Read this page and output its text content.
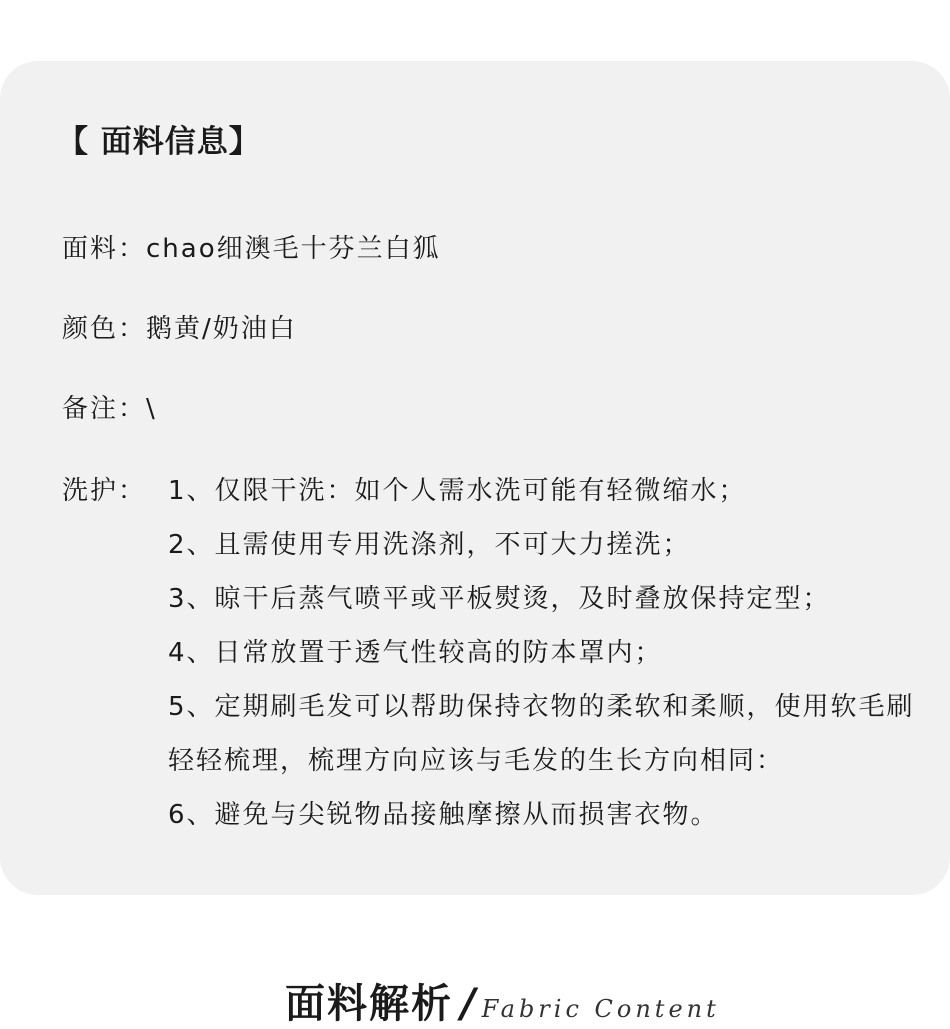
【 面料信息】
面料：chao细澳毛十芬兰白狐
颜色：鹅黄/奶油白
备注：\
洗护： 1、仅限干洗：如个人需水洗可能有轻微缩水；
2、且需使用专用洗涤剂，不可大力搓洗；
3、晾干后蒸气喷平或平板熨烫，及时叠放保持定型；
4、日常放置于透气性较高的防本罩内；
5、定期刷毛发可以帮助保持衣物的柔软和柔顺，使用软毛刷轻轻梳理，梳理方向应该与毛发的生长方向相同：
6、避免与尖锐物品接触摩擦从而损害衣物。
面料解析 / Fabric Content
